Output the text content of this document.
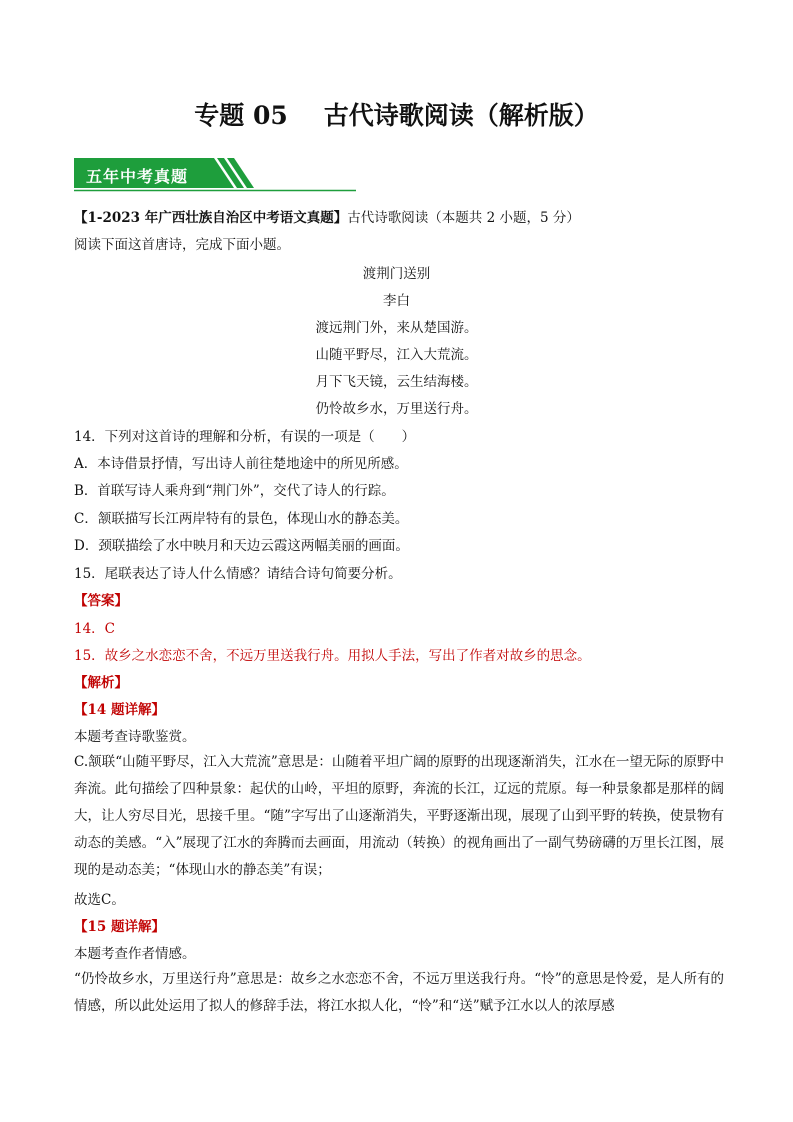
专题 05 古代诗歌阅读（解析版）
五年中考真题
【1-2023 年广西壮族自治区中考语文真题】古代诗歌阅读（本题共 2 小题，5 分）
阅读下面这首唐诗，完成下面小题。
渡荆门送别
李白
渡远荆门外，来从楚国游。
山随平野尽，江入大荒流。
月下飞天镜，云生结海楼。
仍怜故乡水，万里送行舟。
14．下列对这首诗的理解和分析，有误的一项是（　　）
A．本诗借景抒情，写出诗人前往楚地途中的所见所感。
B．首联写诗人乘舟到“荆门外”，交代了诗人的行踪。
C．颔联描写长江两岸特有的景色，体现山水的静态美。
D．颈联描绘了水中映月和天边云霞这两幅美丽的画面。
15．尾联表达了诗人什么情感？请结合诗句简要分析。
【答案】
14．C
15．故乡之水恋恋不舍，不远万里送我行舟。用拟人手法，写出了作者对故乡的思念。
【解析】
【14 题详解】
本题考查诗歌鉴赏。
C.颔联“山随平野尽，江入大荒流”意思是：山随着平坦广阔的原野的出现逐渐消失，江水在一望无际的原野中奔流。此句描绘了四种景象：起伏的山岭，平坦的原野，奔流的长江，辽远的荒原。每一种景象都是那样的阔大，让人穷尽目光，思接千里。“随”字写出了山逐渐消失，平野逐渐出现，展现了山到平野的转换，使景物有动态的美感。“入”展现了江水的奔腾而去画面，用流动（转换）的视角画出了一副气势磅礴的万里长江图，展现的是动态美；“体现山水的静态美”有误；
故选C。
【15 题详解】
本题考查作者情感。
“仍怜故乡水，万里送行舟”意思是：故乡之水恋恋不舍，不远万里送我行舟。“怜”的意思是怜爱，是人所有的情感，所以此处运用了拟人的修辞手法，将江水拟人化，“怜”和“送”赋予江水以人的浓厚感
